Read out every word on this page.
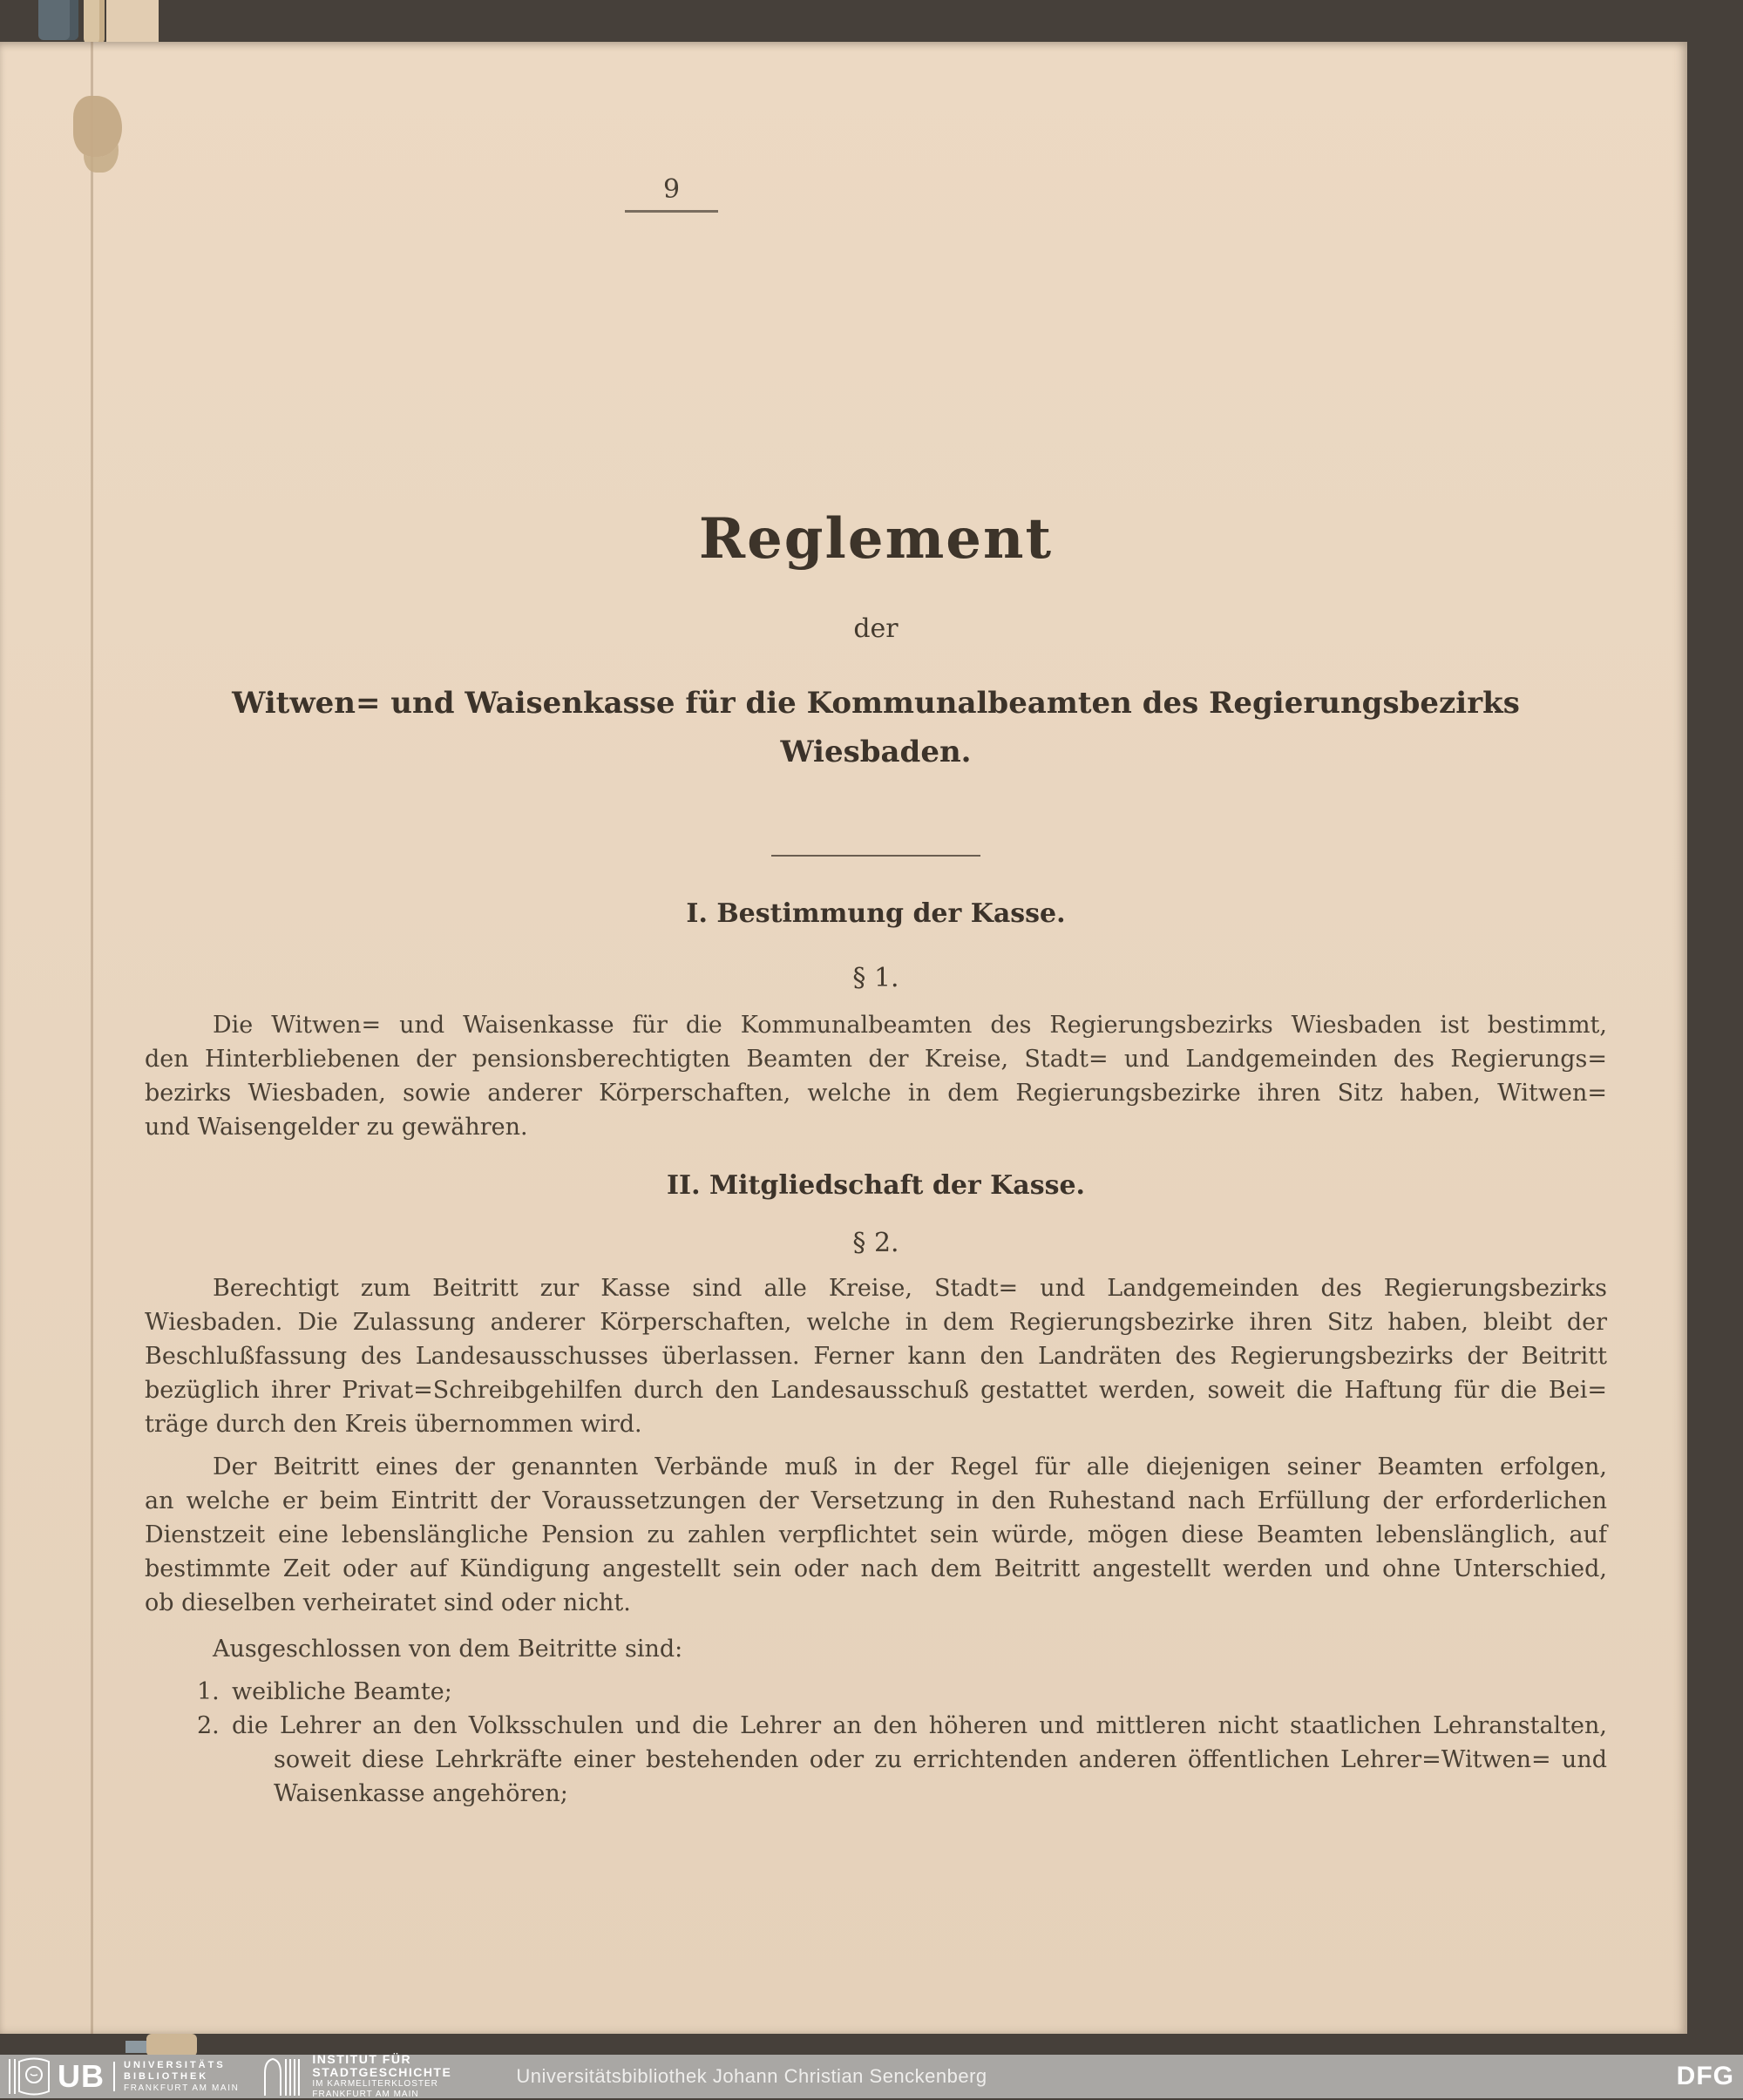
9
Reglement
der
Witwen= und Waisenkasse für die Kommunalbeamten des Regierungsbezirks
Wiesbaden.
I. Bestimmung der Kasse.
§ 1.
Die Witwen= und Waisenkasse für die Kommunalbeamten des Regierungsbezirks Wiesbaden ist bestimmt,
den Hinterbliebenen der pensionsberechtigten Beamten der Kreise, Stadt= und Landgemeinden des Regierungs=
bezirks Wiesbaden, sowie anderer Körperschaften, welche in dem Regierungsbezirke ihren Sitz haben, Witwen=
und Waisengelder zu gewähren.
II. Mitgliedschaft der Kasse.
§ 2.
Berechtigt zum Beitritt zur Kasse sind alle Kreise, Stadt= und Landgemeinden des Regierungsbezirks
Wiesbaden. Die Zulassung anderer Körperschaften, welche in dem Regierungsbezirke ihren Sitz haben, bleibt der
Beschlußfassung des Landesausschusses überlassen. Ferner kann den Landräten des Regierungsbezirks der Beitritt
bezüglich ihrer Privat=Schreibgehilfen durch den Landesausschuß gestattet werden, soweit die Haftung für die Bei=
träge durch den Kreis übernommen wird.
Der Beitritt eines der genannten Verbände muß in der Regel für alle diejenigen seiner Beamten erfolgen,
an welche er beim Eintritt der Voraussetzungen der Versetzung in den Ruhestand nach Erfüllung der erforderlichen
Dienstzeit eine lebenslängliche Pension zu zahlen verpflichtet sein würde, mögen diese Beamten lebenslänglich, auf
bestimmte Zeit oder auf Kündigung angestellt sein oder nach dem Beitritt angestellt werden und ohne Unterschied,
ob dieselben verheiratet sind oder nicht.
Ausgeschlossen von dem Beitritte sind:
1. weibliche Beamte;
2. die Lehrer an den Volksschulen und die Lehrer an den höheren und mittleren nicht staatlichen Lehranstalten,
soweit diese Lehrkräfte einer bestehenden oder zu errichtenden anderen öffentlichen Lehrer=Witwen= und
Waisenkasse angehören;
UB UNIVERSITÄTS
BIBLIOTHEK
FRANKFURT AM MAIN
INSTITUT FÜR
STADTGESCHICHTE
IM KARMELITERKLOSTER
FRANKFURT AM MAIN
Universitätsbibliothek Johann Christian Senckenberg	DFG
